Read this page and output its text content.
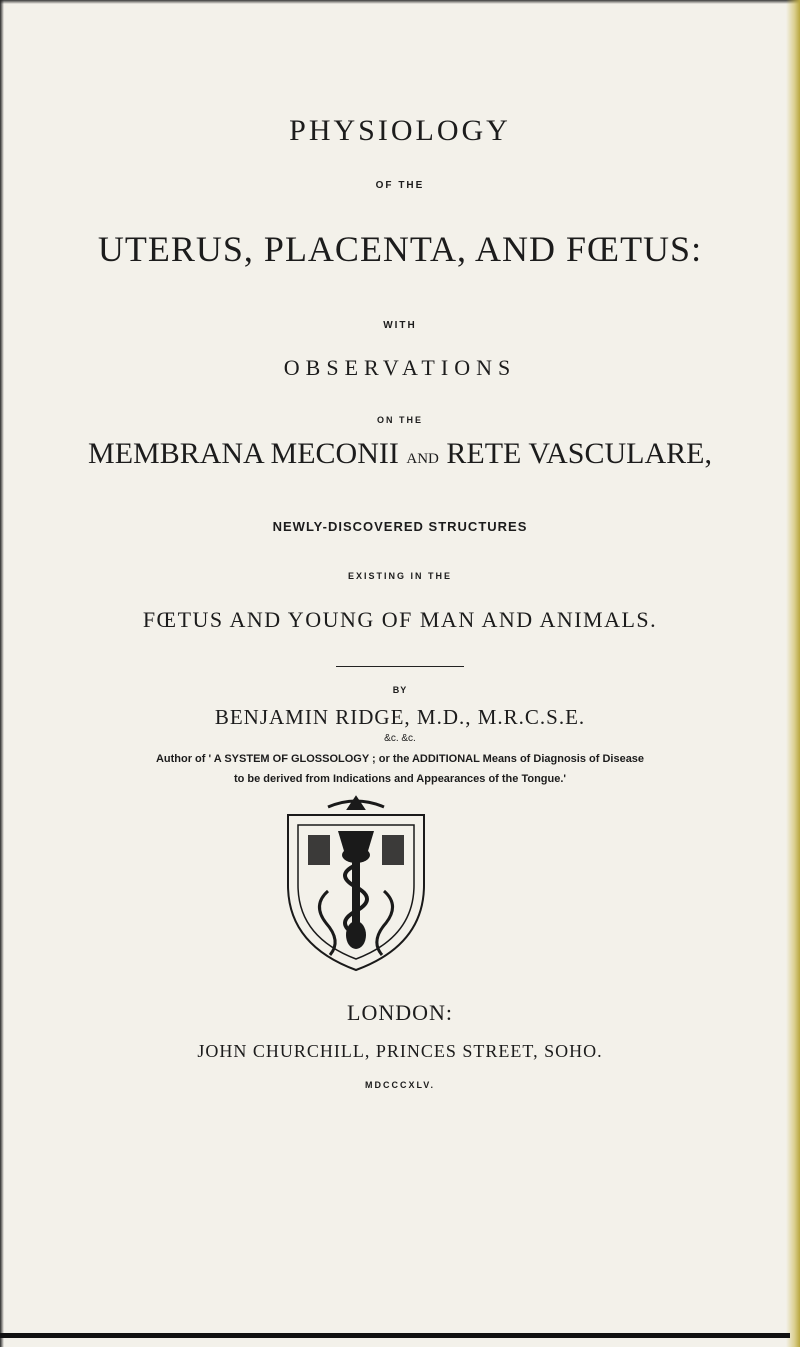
PHYSIOLOGY
OF THE
UTERUS, PLACENTA, AND FŒTUS:
WITH
OBSERVATIONS
ON THE
MEMBRANA MECONII AND RETE VASCULARE,
NEWLY-DISCOVERED STRUCTURES
EXISTING IN THE
FŒTUS AND YOUNG OF MAN AND ANIMALS.
BY
BENJAMIN RIDGE, M.D., M.R.C.S.E.
&c. &c.
Author of ' A SYSTEM OF GLOSSOLOGY ; or the ADDITIONAL Means of Diagnosis of Disease
to be derived from Indications and Appearances of the Tongue.'
LONDON:
JOHN CHURCHILL, PRINCES STREET, SOHO.
MDCCCXLV.
